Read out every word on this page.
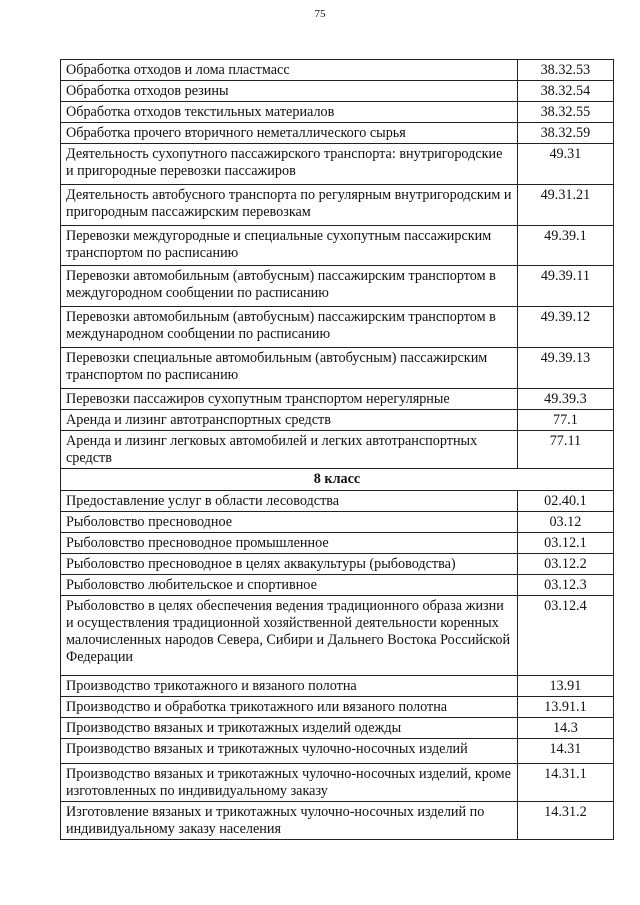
75
Обработка отходов и лома пластмасс	38.32.53
Обработка отходов резины	38.32.54
Обработка отходов текстильных материалов	38.32.55
Обработка прочего вторичного неметаллического сырья	38.32.59
Деятельность сухопутного пассажирского транспорта: внутригородские и пригородные перевозки пассажиров	49.31
Деятельность автобусного транспорта по регулярным внутригородским и пригородным пассажирским перевозкам	49.31.21
Перевозки междугородные и специальные сухопутным пассажирским транспортом по расписанию	49.39.1
Перевозки автомобильным (автобусным) пассажирским транспортом в междугородном сообщении по расписанию	49.39.11
Перевозки автомобильным (автобусным) пассажирским транспортом в международном сообщении по расписанию	49.39.12
Перевозки специальные автомобильным (автобусным) пассажирским транспортом по расписанию	49.39.13
Перевозки пассажиров сухопутным транспортом нерегулярные	49.39.3
Аренда и лизинг автотранспортных средств	77.1
Аренда и лизинг легковых автомобилей и легких автотранспортных средств	77.11
8 класс	
Предоставление услуг в области лесоводства	02.40.1
Рыболовство пресноводное	03.12
Рыболовство пресноводное промышленное	03.12.1
Рыболовство пресноводное в целях аквакультуры (рыбоводства)	03.12.2
Рыболовство любительское и спортивное	03.12.3
Рыболовство в целях обеспечения ведения традиционного образа жизни и осуществления традиционной хозяйственной деятельности коренных малочисленных народов Севера, Сибири и Дальнего Востока Российской Федерации	03.12.4
Производство трикотажного и вязаного полотна	13.91
Производство и обработка трикотажного или вязаного полотна	13.91.1
Производство вязаных и трикотажных изделий одежды	14.3
Производство вязаных и трикотажных чулочно-носочных изделий	14.31
Производство вязаных и трикотажных чулочно-носочных изделий, кроме изготовленных по индивидуальному заказу	14.31.1
Изготовление вязаных и трикотажных чулочно-носочных изделий по индивидуальному заказу населения	14.31.2
